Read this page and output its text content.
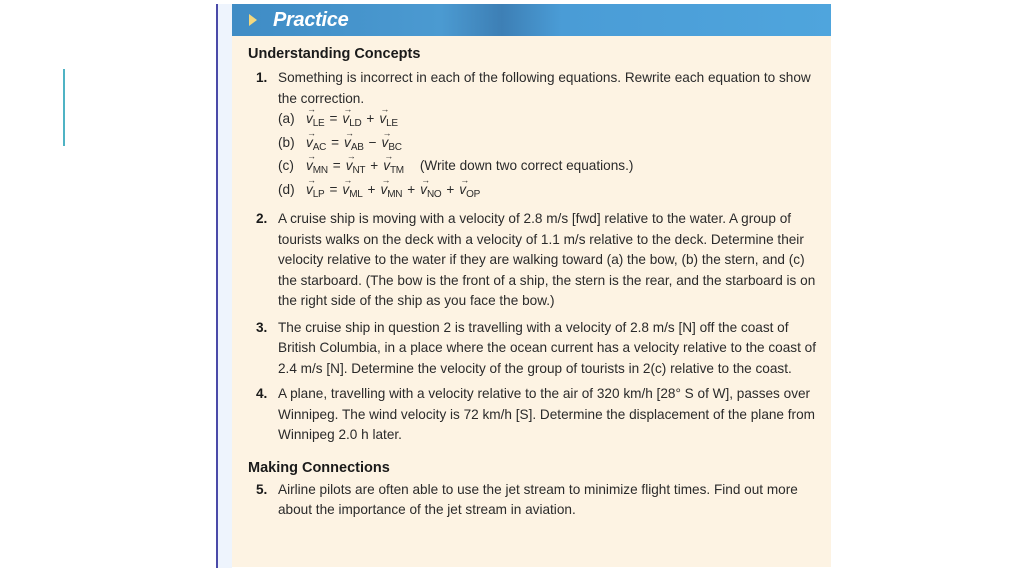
Practice
Understanding Concepts
1. Something is incorrect in each of the following equations. Rewrite each equation to show the correction.
$(a) \to v_{LE}$ = → $v_{LD}$ + → $v_{LE}$
$(b) \to v_{AC}$ = → $v_{AB}$ − → $v_{BC}$
$(c) \to v_{MN}$ = → $v_{NT}$ + → $v_{TM}$ (Write down two correct equations.)
$(d) \to v_{LP}$ = → $v_{ML}$ + → $v_{MN}$ + → $v_{NO}$ + → $v_{OP}$
2. A cruise ship is moving with a velocity of 2.8 m/s [fwd] relative to the water. A group of tourists walks on the deck with a velocity of 1.1 m/s relative to the deck. Determine their velocity relative to the water if they are walking toward (a) the bow, (b) the stern, and (c) the starboard. (The bow is the front of a ship, the stern is the rear, and the starboard is on the right side of the ship as you face the bow.)
3. The cruise ship in question 2 is travelling with a velocity of 2.8 m/s [N] off the coast of British Columbia, in a place where the ocean current has a velocity relative to the coast of 2.4 m/s [N]. Determine the velocity of the group of tourists in 2(c) relative to the coast.
4. A plane, travelling with a velocity relative to the air of 320 km/h [28° S of W], passes over Winnipeg. The wind velocity is 72 km/h [S]. Determine the displacement of the plane from Winnipeg 2.0 h later.
Making Connections
5. Airline pilots are often able to use the jet stream to minimize flight times. Find out more about the importance of the jet stream in aviation.
